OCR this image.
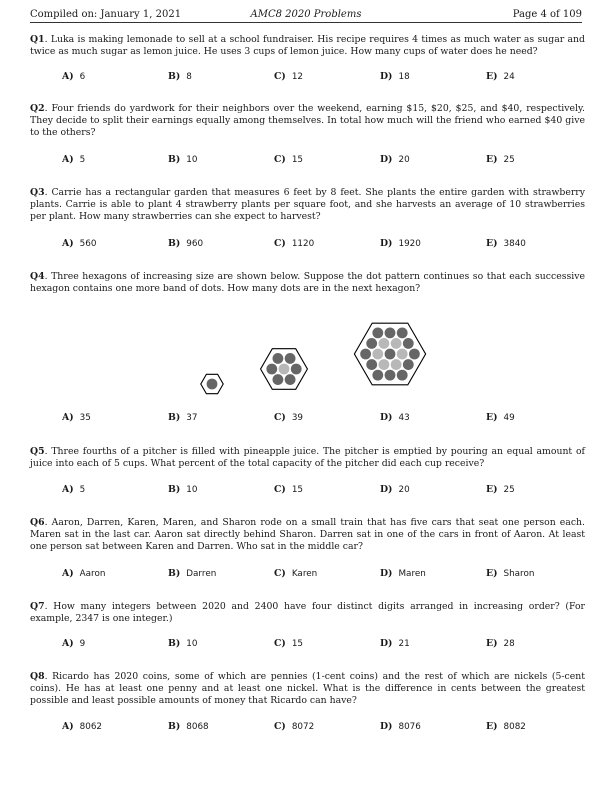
Compiled on: January 1, 2021	AMC8 2020 Problems	Page 4 of 109
Q1. Luka is making lemonade to sell at a school fundraiser. His recipe requires 4 times as much water as sugar and twice as much sugar as lemon juice. He uses 3 cups of lemon juice. How many cups of water does he need?
A) 6	B) 8	C) 12	D) 18	E) 24
Q2. Four friends do yardwork for their neighbors over the weekend, earning $15, $20, $25, and $40, respectively. They decide to split their earnings equally among themselves. In total how much will the friend who earned $40 give to the others?
A) 5	B) 10	C) 15	D) 20	E) 25
Q3. Carrie has a rectangular garden that measures 6 feet by 8 feet. She plants the entire garden with strawberry plants. Carrie is able to plant 4 strawberry plants per square foot, and she harvests an average of 10 strawberries per plant. How many strawberries can she expect to harvest?
A) 560	B) 960	C) 1120	D) 1920	E) 3840
Q4. Three hexagons of increasing size are shown below. Suppose the dot pattern continues so that each successive hexagon contains one more band of dots. How many dots are in the next hexagon?
A) 35	B) 37	C) 39	D) 43	E) 49
Q5. Three fourths of a pitcher is filled with pineapple juice. The pitcher is emptied by pouring an equal amount of juice into each of 5 cups. What percent of the total capacity of the pitcher did each cup receive?
A) 5	B) 10	C) 15	D) 20	E) 25
Q6. Aaron, Darren, Karen, Maren, and Sharon rode on a small train that has five cars that seat one person each. Maren sat in the last car. Aaron sat directly behind Sharon. Darren sat in one of the cars in front of Aaron. At least one person sat between Karen and Darren. Who sat in the middle car?
A) Aaron	B) Darren	C) Karen	D) Maren	E) Sharon
Q7. How many integers between 2020 and 2400 have four distinct digits arranged in increasing order? (For example, 2347 is one integer.)
A) 9	B) 10	C) 15	D) 21	E) 28
Q8. Ricardo has 2020 coins, some of which are pennies (1-cent coins) and the rest of which are nickels (5-cent coins). He has at least one penny and at least one nickel. What is the difference in cents between the greatest possible and least possible amounts of money that Ricardo can have?
A) 8062	B) 8068	C) 8072	D) 8076	E) 8082
